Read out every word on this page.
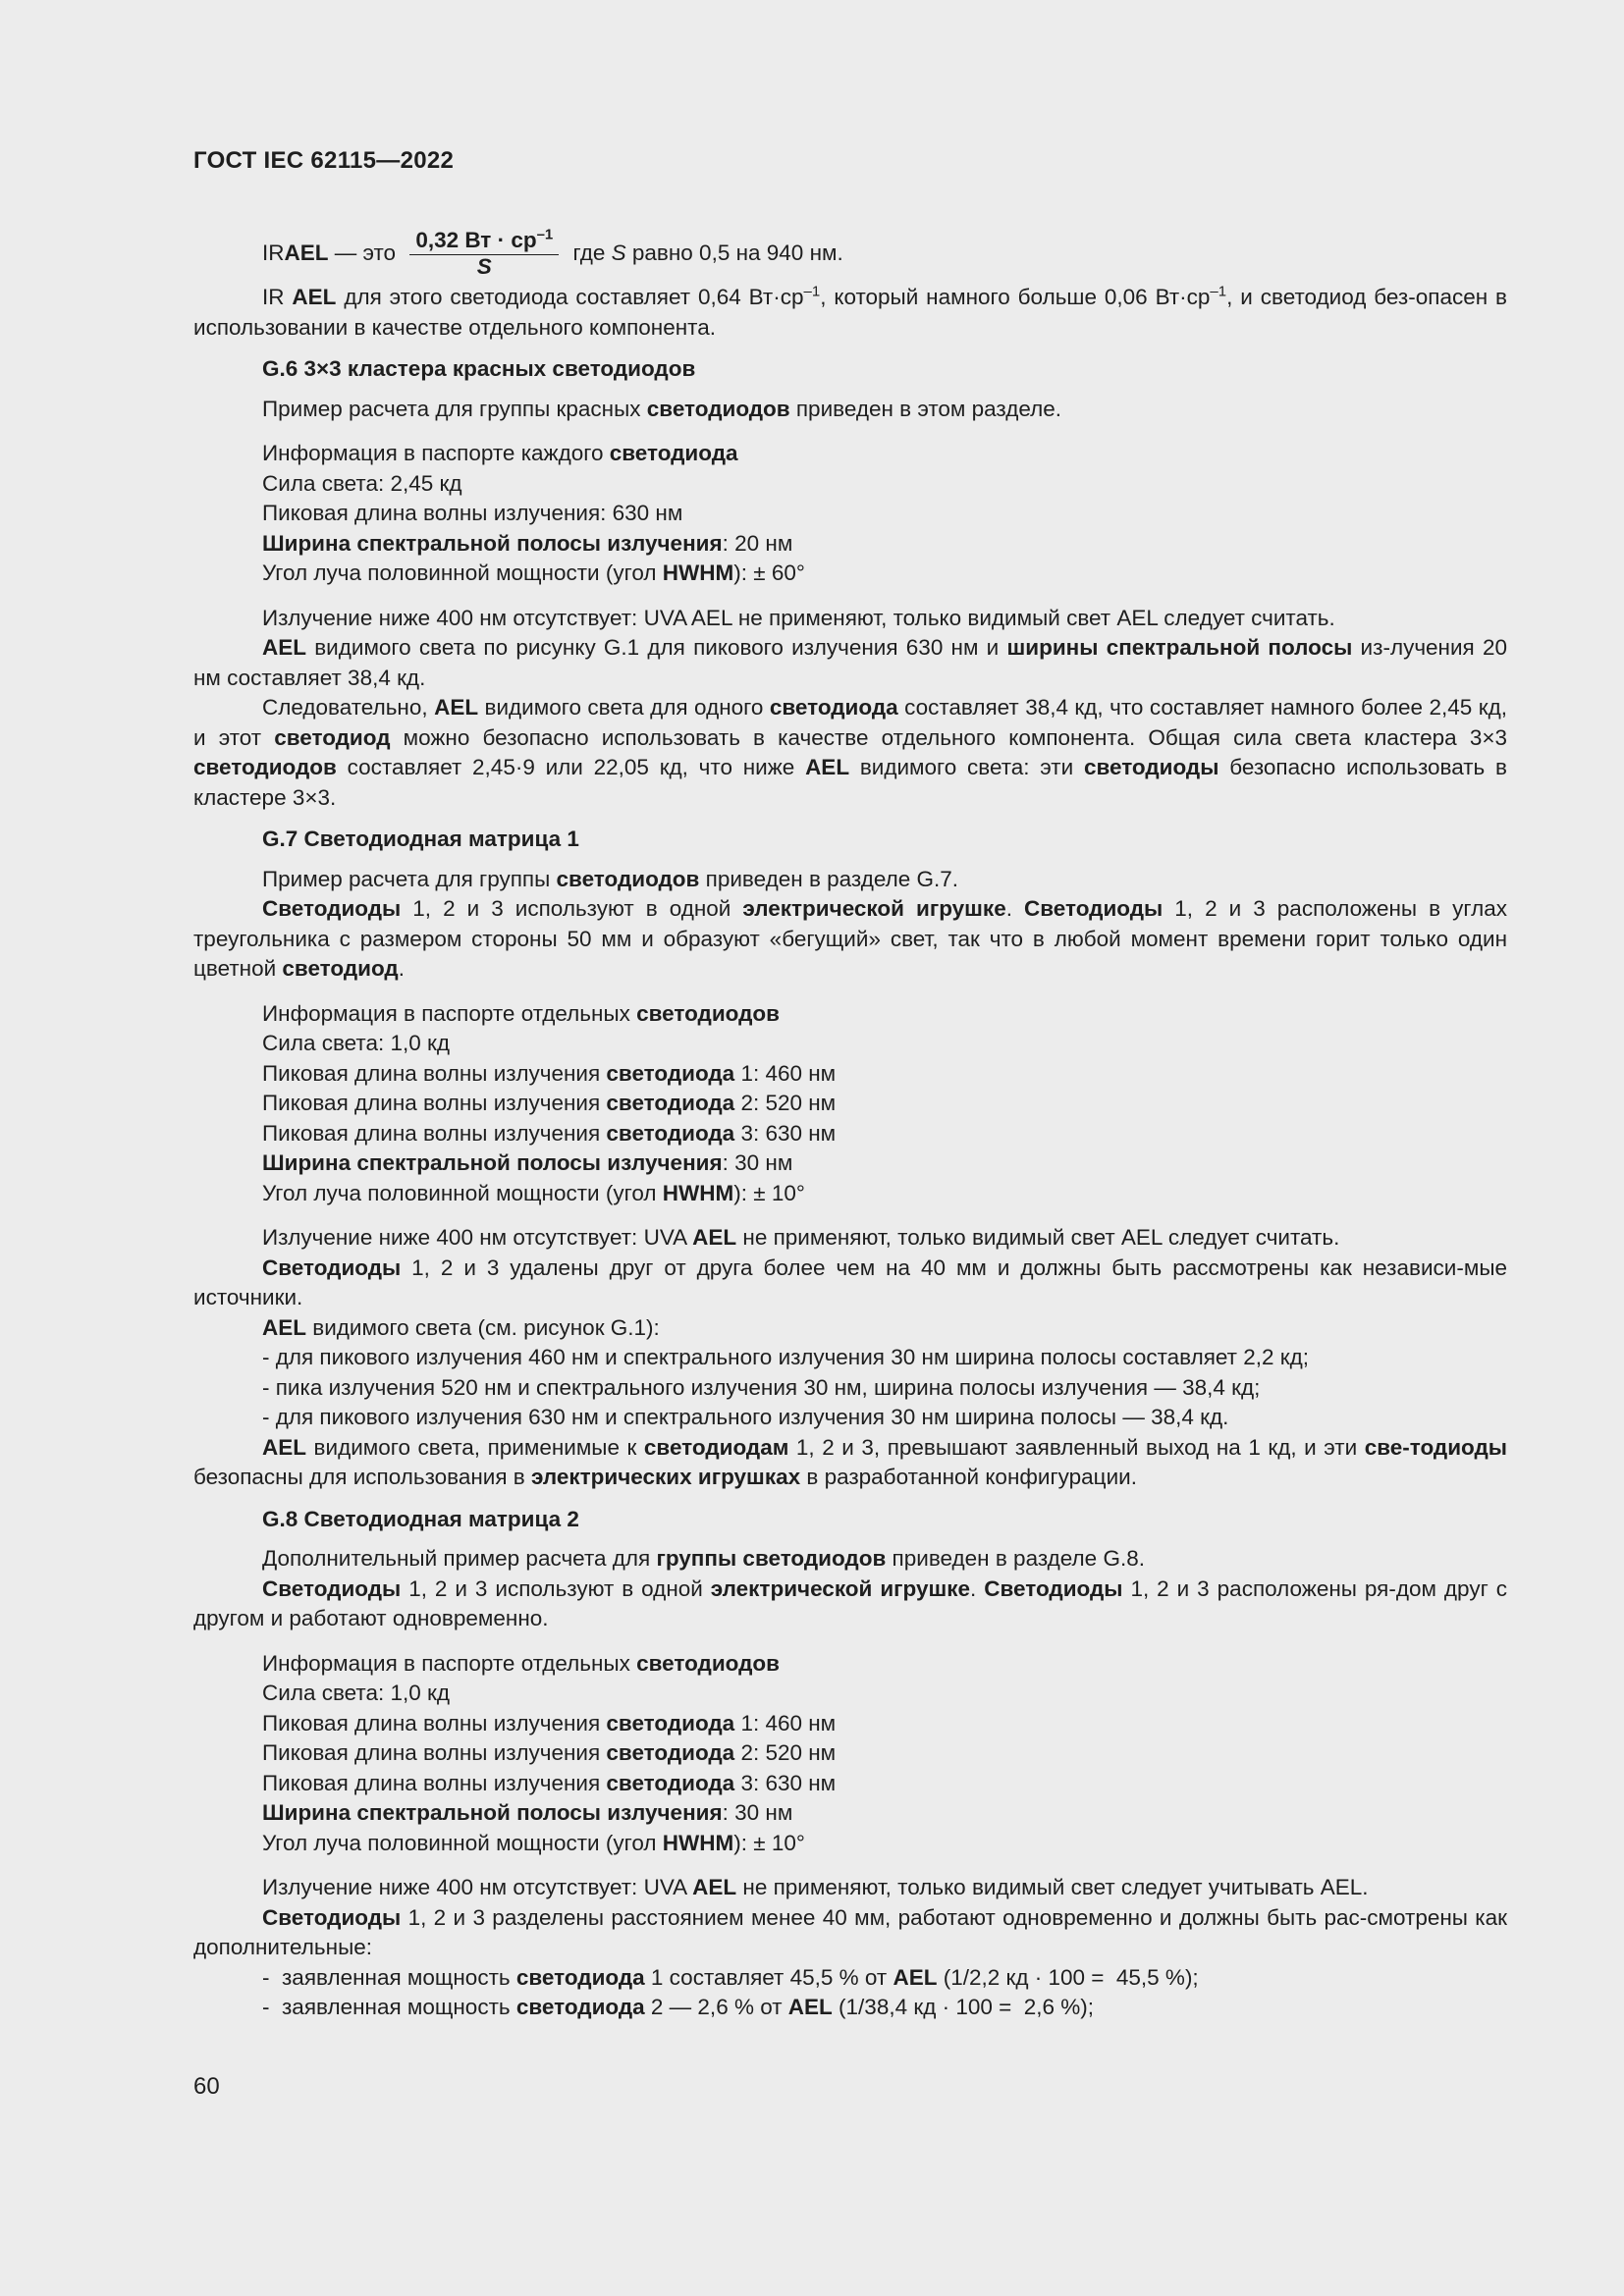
ГОСТ IEC 62115—2022
IR AEL — это $\frac{0,32 Вт \cdot ср^{-1}}{S}$ где S равно 0,5 на 940 нм.

IR AEL для этого светодиода составляет 0,64 $Вт\cdot ср^{-1}$, который намного больше 0,06 $Вт\cdot ср^{-1}$, и светодиод без-опасен в использовании в качестве отдельного компонента.

G.6 3×3 кластера красных светодиодов

Пример расчета для группы красных светодиодов приведен в этом разделе.

Информация в паспорте каждого светодиода

Сила света: 2,45 кд

Пиковая длина волны излучения: 630 нм

Ширина спектральной полосы излучения: 20 нм

Угол луча половинной мощности (угол HWHM): ± 60°

Излучение ниже 400 нм отсутствует: UVA AEL не применяют, только видимый свет AEL следует считать.

AEL видимого света по рисунку G.1 для пикового излучения 630 нм и ширины спектральной полосы из-лучения 20 нм составляет 38,4 кд.

Следовательно, AEL видимого света для одного светодиода составляет 38,4 кд, что составляет намного более 2,45 кд, и этот светодиод можно безопасно использовать в качестве отдельного компонента. Общая сила света кластера 3×3 светодиодов составляет 2,45·9 или 22,05 кд, что ниже AEL видимого света: эти светодиоды безопасно использовать в кластере 3×3.

G.7 Светодиодная матрица 1

Пример расчета для группы светодиодов приведен в разделе G.7.

Светодиоды 1, 2 и 3 используют в одной электрической игрушке. Светодиоды 1, 2 и 3 расположены в углах треугольника с размером стороны 50 мм и образуют «бегущий» свет, так что в любой момент времени горит только один цветной светодиод.

Информация в паспорте отдельных светодиодов

Сила света: 1,0 кд

Пиковая длина волны излучения светодиода 1: 460 нм

Пиковая длина волны излучения светодиода 2: 520 нм

Пиковая длина волны излучения светодиода 3: 630 нм

Ширина спектральной полосы излучения: 30 нм

Угол луча половинной мощности (угол HWHM): ± 10°

Излучение ниже 400 нм отсутствует: UVA AEL не применяют, только видимый свет AEL следует считать.

Светодиоды 1, 2 и 3 удалены друг от друга более чем на 40 мм и должны быть рассмотрены как независи-мые источники.

AEL видимого света (см. рисунок G.1):

- для пикового излучения 460 нм и спектрального излучения 30 нм ширина полосы составляет 2,2 кд;

- пика излучения 520 нм и спектрального излучения 30 нм, ширина полосы излучения — 38,4 кд;

- для пикового излучения 630 нм и спектрального излучения 30 нм ширина полосы — 38,4 кд.

AEL видимого света, применимые к светодиодам 1, 2 и 3, превышают заявленный выход на 1 кд, и эти све-тодиоды безопасны для использования в электрических игрушках в разработанной конфигурации.

G.8 Светодиодная матрица 2

Дополнительный пример расчета для группы светодиодов приведен в разделе G.8.

Светодиоды 1, 2 и 3 используют в одной электрической игрушке. Светодиоды 1, 2 и 3 расположены ря-дом друг с другом и работают одновременно.

Информация в паспорте отдельных светодиодов

Сила света: 1,0 кд

Пиковая длина волны излучения светодиода 1: 460 нм

Пиковая длина волны излучения светодиода 2: 520 нм

Пиковая длина волны излучения светодиода 3: 630 нм

Ширина спектральной полосы излучения: 30 нм

Угол луча половинной мощности (угол HWHM): ± 10°

Излучение ниже 400 нм отсутствует: UVA AEL не применяют, только видимый свет следует учитывать AEL.

Светодиоды 1, 2 и 3 разделены расстоянием менее 40 мм, работают одновременно и должны быть рас-смотрены как дополнительные:

-  заявленная мощность светодиода 1 составляет 45,5 % от AEL (1/2,2 кд · 100 =  45,5 %);

-  заявленная мощность светодиода 2 — 2,6 % от AEL (1/38,4 кд · 100 =  2,6 %);

60
